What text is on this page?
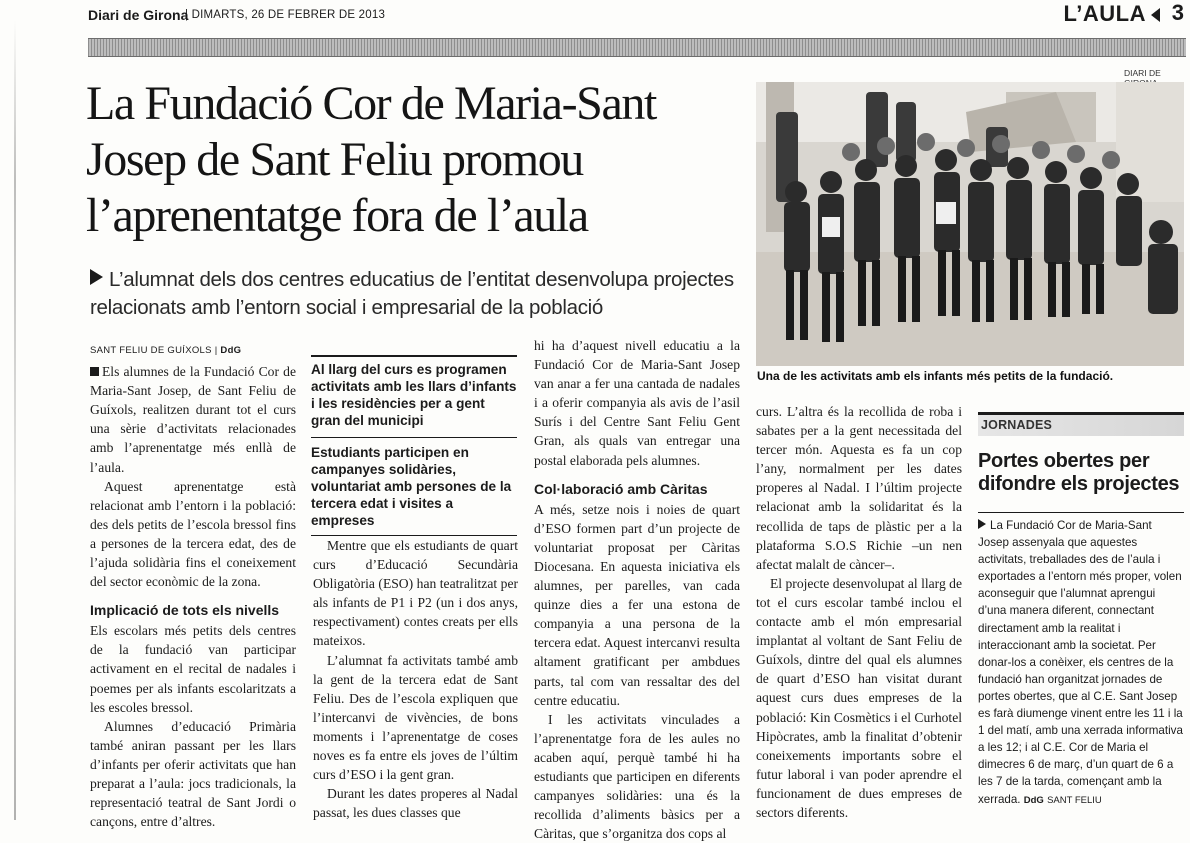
Diari de Girona
| DIMARTS, 26 DE FEBRER DE 2013	L’AULA 3
La Fundació Cor de Maria-Sant Josep de Sant Feliu promou l’aprenentatge fora de l’aula
L’alumnat dels dos centres educatius de l’entitat desenvolupa projectes relacionats amb l’entorn social i empresarial de la població
DIARI DE
Una de les activitats amb els infants més petits de la fundació.
SANT FELIU DE GUÍXOLS | DdG

Els alumnes de la Fundació Cor de Maria-Sant Josep, de Sant Feliu de Guíxols, realitzen durant tot el curs una sèrie d’activitats relacionades amb l’aprenentatge més enllà de l’aula.

Aquest aprenentatge està relacionat amb l’entorn i la població: des dels petits de l’escola bressol fins a persones de la tercera edat, des de l’ajuda solidària fins el coneixement del sector econòmic de la zona.

Implicació de tots els nivells

Els escolars més petits dels centres de la fundació van participar activament en el recital de nadales i poemes per als infants escolaritzats a les escoles bressol.

Alumnes d’educació Primària també aniran passant per les llars d’infants per oferir activitats que han preparat a l’aula: jocs tradicionals, la representació teatral de Sant Jordi o cançons, entre d’altres.

Al llarg del curs es programen activitats amb les llars d’infants i les residències per a gent gran del municipi
Estudiants participen en campanyes solidàries, voluntariat amb persones de la tercera edat i visites a empreses

Mentre que els estudiants de quart curs d’Educació Secundària Obligatòria (ESO) han teatralitzat per als infants de P1 i P2 (un i dos anys, respectivament) contes creats per ells mateixos.

L’alumnat fa activitats també amb la gent de la tercera edat de Sant Feliu. Des de l’escola expliquen que l’intercanvi de vivències, de bons moments i l’aprenentatge de coses noves es fa entre els joves de l’últim curs d’ESO i la gent gran.

Durant les dates properes al Nadal passat, les dues classes que

hi ha d’aquest nivell educatiu a la Fundació Cor de Maria-Sant Josep van anar a fer una cantada de nadales i a oferir companyia als avis de l’asil Surís i del Centre Sant Feliu Gent Gran, als quals van entregar una postal elaborada pels alumnes.

Col·laboració amb Càritas

A més, setze nois i noies de quart d’ESO formen part d’un projecte de voluntariat proposat per Càritas Diocesana. En aquesta iniciativa els alumnes, per parelles, van cada quinze dies a fer una estona de companyia a una persona de la tercera edat. Aquest intercanvi resulta altament gratificant per ambdues parts, tal com van ressaltar des del centre educatiu.

I les activitats vinculades a l’aprenentatge fora de les aules no acaben aquí, perquè també hi ha estudiants que participen en diferents campanyes solidàries: una és la recollida d’aliments bàsics per a Càritas, que s’organitza dos cops al

curs. L’altra és la recollida de roba i sabates per a la gent necessitada del tercer món. Aquesta es fa un cop l’any, normalment per les dates properes al Nadal. I l’últim projecte relacionat amb la solidaritat és la recollida de taps de plàstic per a la plataforma S.O.S Richie –un nen afectat malalt de càncer–.

El projecte desenvolupat al llarg de tot el curs escolar també inclou el contacte amb el món empresarial implantat al voltant de Sant Feliu de Guíxols, dintre del qual els alumnes de quart d’ESO han visitat durant aquest curs dues empreses de la població: Kin Cosmètics i el Curhotel Hipòcrates, amb la finalitat d’obtenir coneixements importants sobre el futur laboral i van poder aprendre el funcionament de dues empreses de sectors diferents.

JORNADES
Portes obertes per difondre els projectes
La Fundació Cor de Maria-Sant Josep assenyala que aquestes activitats, treballades des de l’aula i exportades a l’entorn més proper, volen aconseguir que l’alumnat aprengui d’una manera diferent, connectant directament amb la realitat i interaccionant amb la societat. Per donar-los a conèixer, els centres de la fundació han organitzat jornades de portes obertes, que al C.E. Sant Josep es farà diumenge vinent entre les 11 i la 1 del matí, amb una xerrada informativa a les 12; i al C.E. Cor de Maria el dimecres 6 de març, d’un quart de 6 a les 7 de la tarda, començant amb la xerrada. DdG SANT FELIU
